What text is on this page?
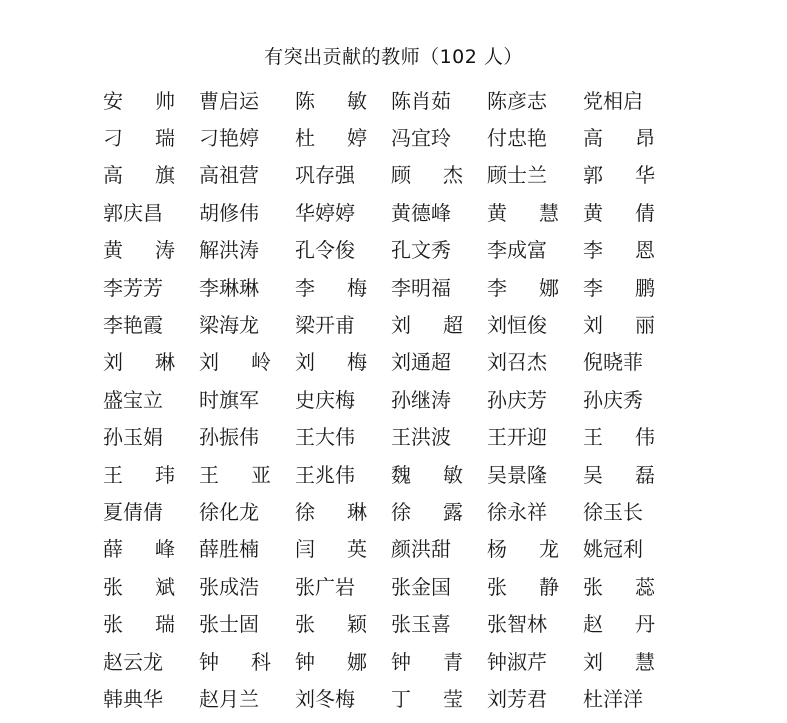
有突出贡献的教师（102 人）
安 帅	曹启运	陈 敏	陈肖茹	陈彦志	党相启
刁 瑞	刁艳婷	杜 婷	冯宜玲	付忠艳	高 昂
高 旗	高祖营	巩存强	顾 杰	顾士兰	郭 华
郭庆昌	胡修伟	华婷婷	黄德峰	黄 慧	黄 倩
黄 涛	解洪涛	孔令俊	孔文秀	李成富	李 恩
李芳芳	李琳琳	李 梅	李明福	李 娜	李 鹏
李艳霞	梁海龙	梁开甫	刘 超	刘恒俊	刘 丽
刘 琳	刘 岭	刘 梅	刘通超	刘召杰	倪晓菲
盛宝立	时旗军	史庆梅	孙继涛	孙庆芳	孙庆秀
孙玉娟	孙振伟	王大伟	王洪波	王开迎	王 伟
王 玮	王 亚	王兆伟	魏 敏	吴景隆	吴 磊
夏倩倩	徐化龙	徐 琳	徐 露	徐永祥	徐玉长
薛 峰	薛胜楠	闫 英	颜洪甜	杨 龙	姚冠利
张 斌	张成浩	张广岩	张金国	张 静	张 蕊
张 瑞	张士固	张 颖	张玉喜	张智林	赵 丹
赵云龙	钟 科	钟 娜	钟 青	钟淑芹	刘 慧
韩典华	赵月兰	刘冬梅	丁 莹	刘芳君	杜洋洋
